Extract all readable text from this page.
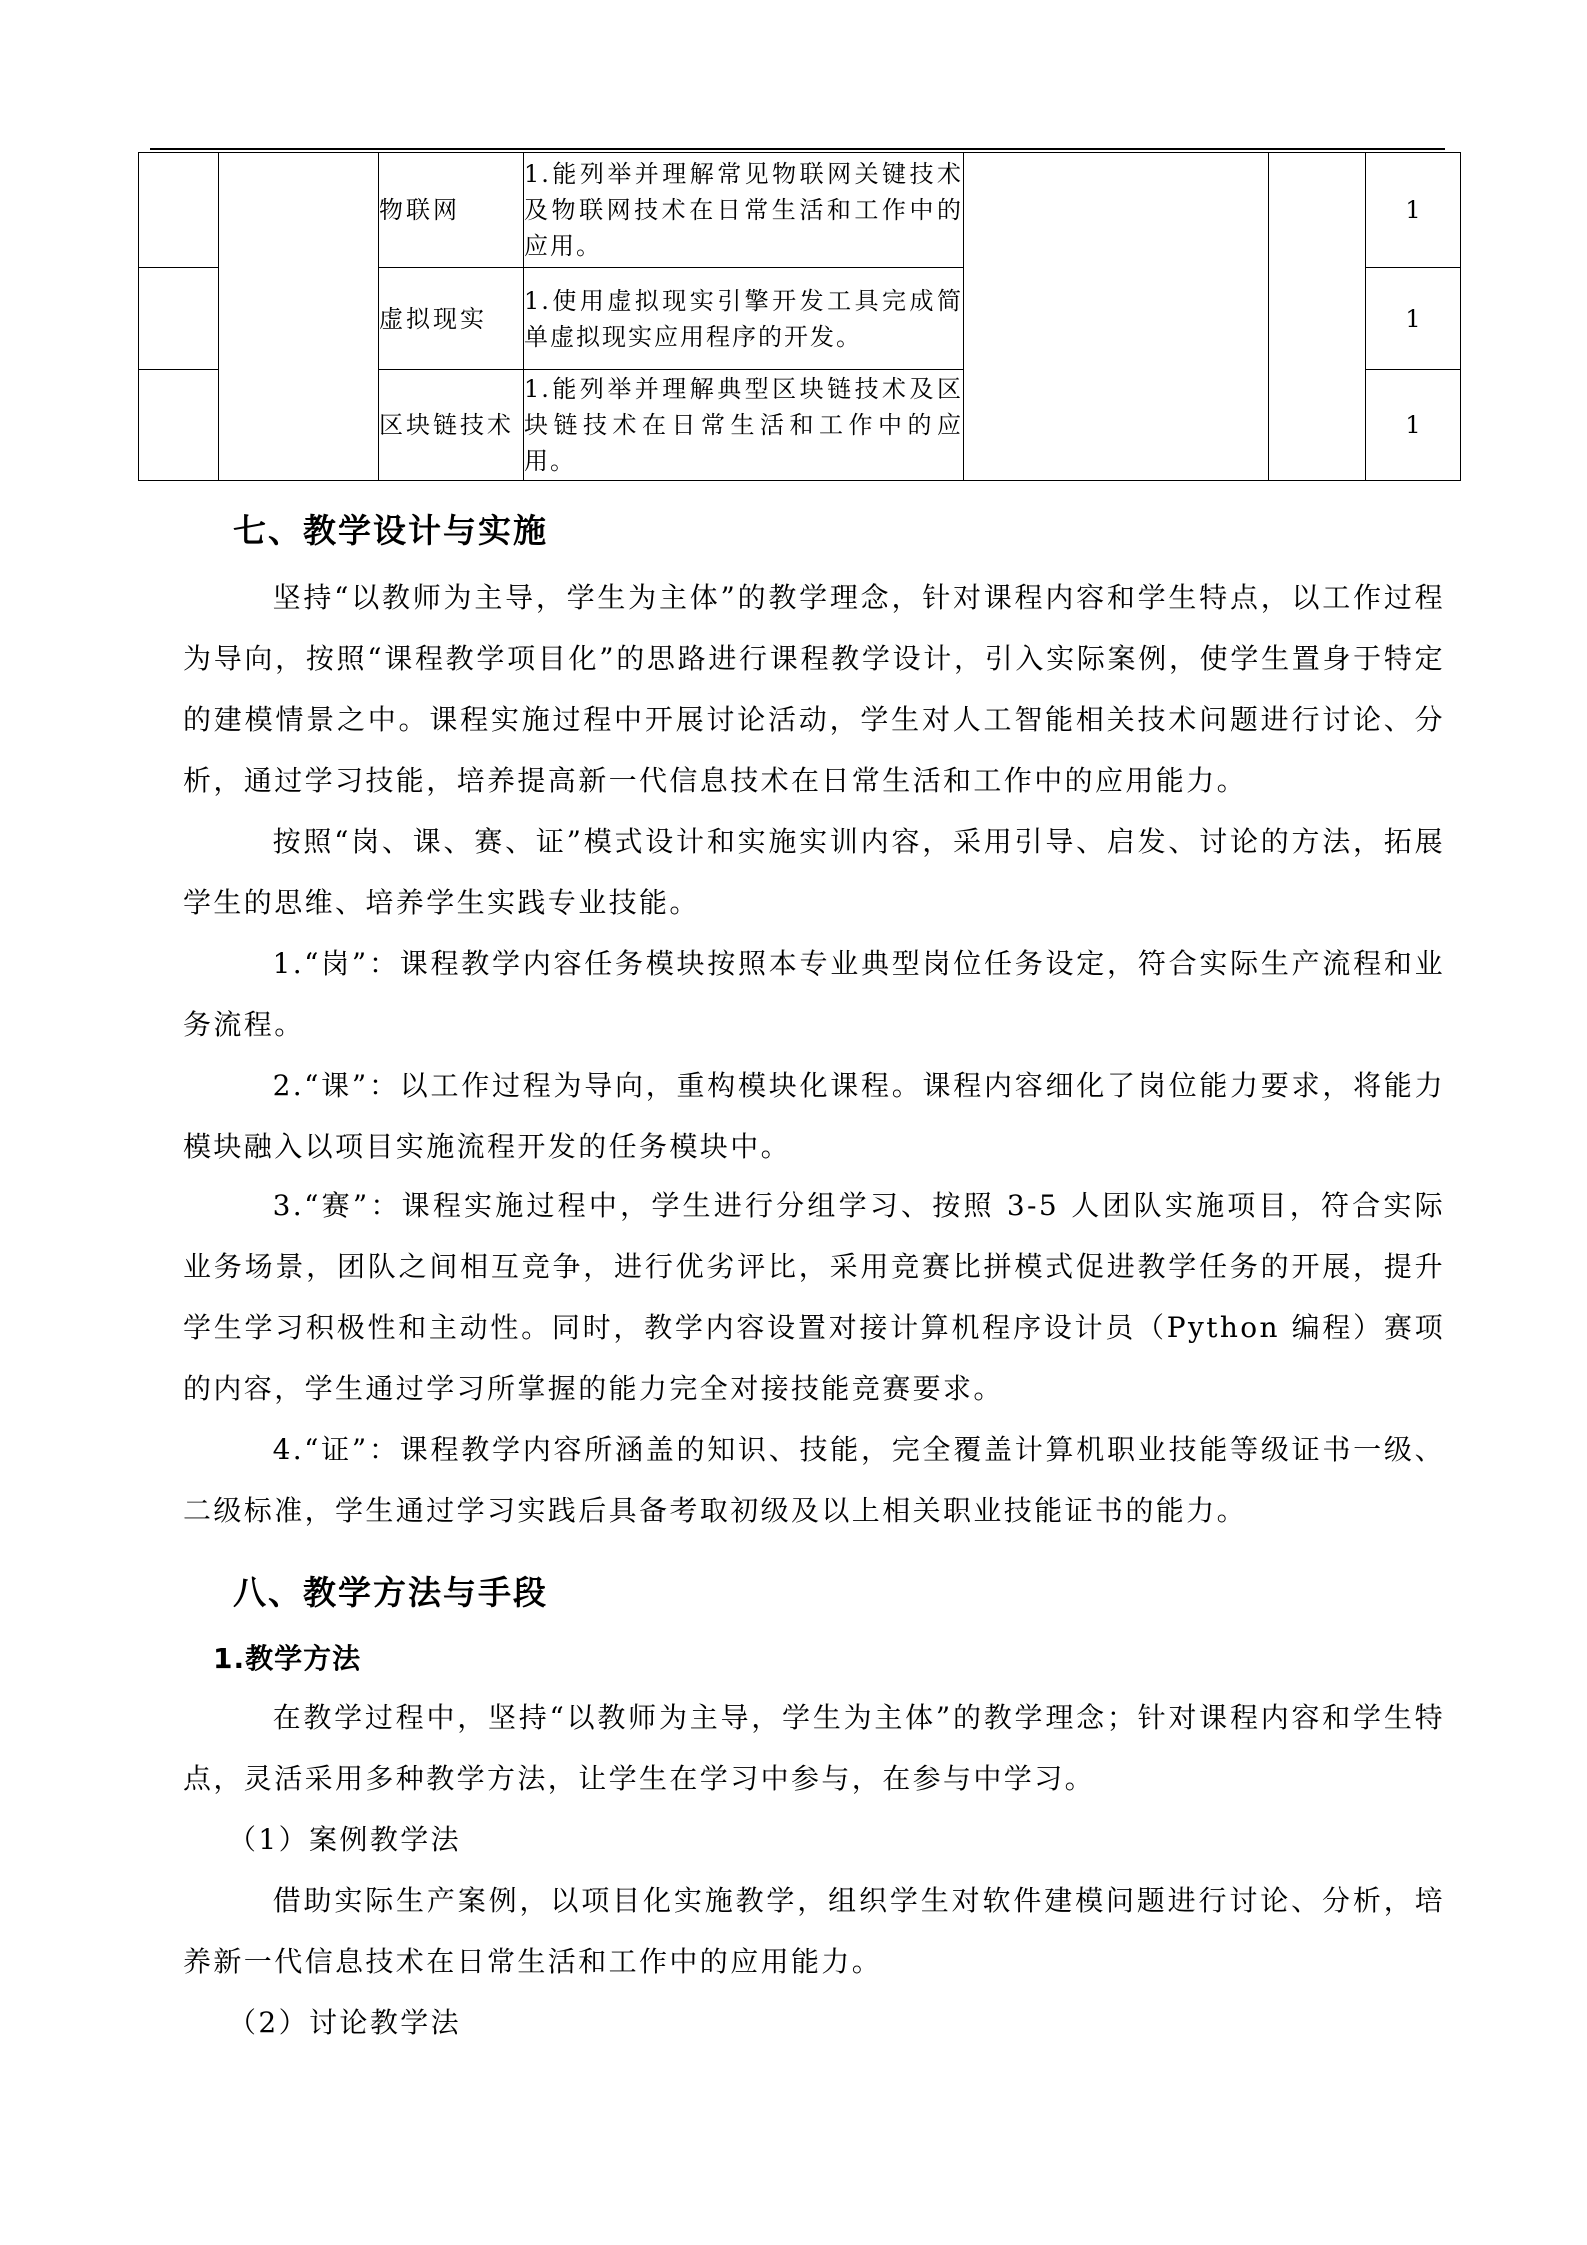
		物联网	1.能列举并理解常见物联网关键技术及物联网技术在日常生活和工作中的应用。			1
		虚拟现实	1.使用虚拟现实引擎开发工具完成简单虚拟现实应用程序的开发。			1
		区块链技术	1.能列举并理解典型区块链技术及区块链技术在日常生活和工作中的应用。			1
七、教学设计与实施

坚持“以教师为主导，学生为主体”的教学理念，针对课程内容和学生特点，以工作过程为导向，按照“课程教学项目化”的思路进行课程教学设计，引入实际案例，使学生置身于特定的建模情景之中。课程实施过程中开展讨论活动，学生对人工智能相关技术问题进行讨论、分析，通过学习技能，培养提高新一代信息技术在日常生活和工作中的应用能力。

按照“岗、课、赛、证”模式设计和实施实训内容，采用引导、启发、讨论的方法，拓展学生的思维、培养学生实践专业技能。

1.“岗”：课程教学内容任务模块按照本专业典型岗位任务设定，符合实际生产流程和业务流程。

2.“课”：以工作过程为导向，重构模块化课程。课程内容细化了岗位能力要求，将能力模块融入以项目实施流程开发的任务模块中。

3.“赛”：课程实施过程中，学生进行分组学习、按照 3-5 人团队实施项目，符合实际业务场景，团队之间相互竞争，进行优劣评比，采用竞赛比拼模式促进教学任务的开展，提升学生学习积极性和主动性。同时，教学内容设置对接计算机程序设计员（Python 编程）赛项的内容，学生通过学习所掌握的能力完全对接技能竞赛要求。

4.“证”：课程教学内容所涵盖的知识、技能，完全覆盖计算机职业技能等级证书一级、二级标准，学生通过学习实践后具备考取初级及以上相关职业技能证书的能力。

八、教学方法与手段
1.教学方法

在教学过程中，坚持“以教师为主导，学生为主体”的教学理念；针对课程内容和学生特点，灵活采用多种教学方法，让学生在学习中参与，在参与中学习。

（1）案例教学法

借助实际生产案例，以项目化实施教学，组织学生对软件建模问题进行讨论、分析，培养新一代信息技术在日常生活和工作中的应用能力。

（2）讨论教学法
